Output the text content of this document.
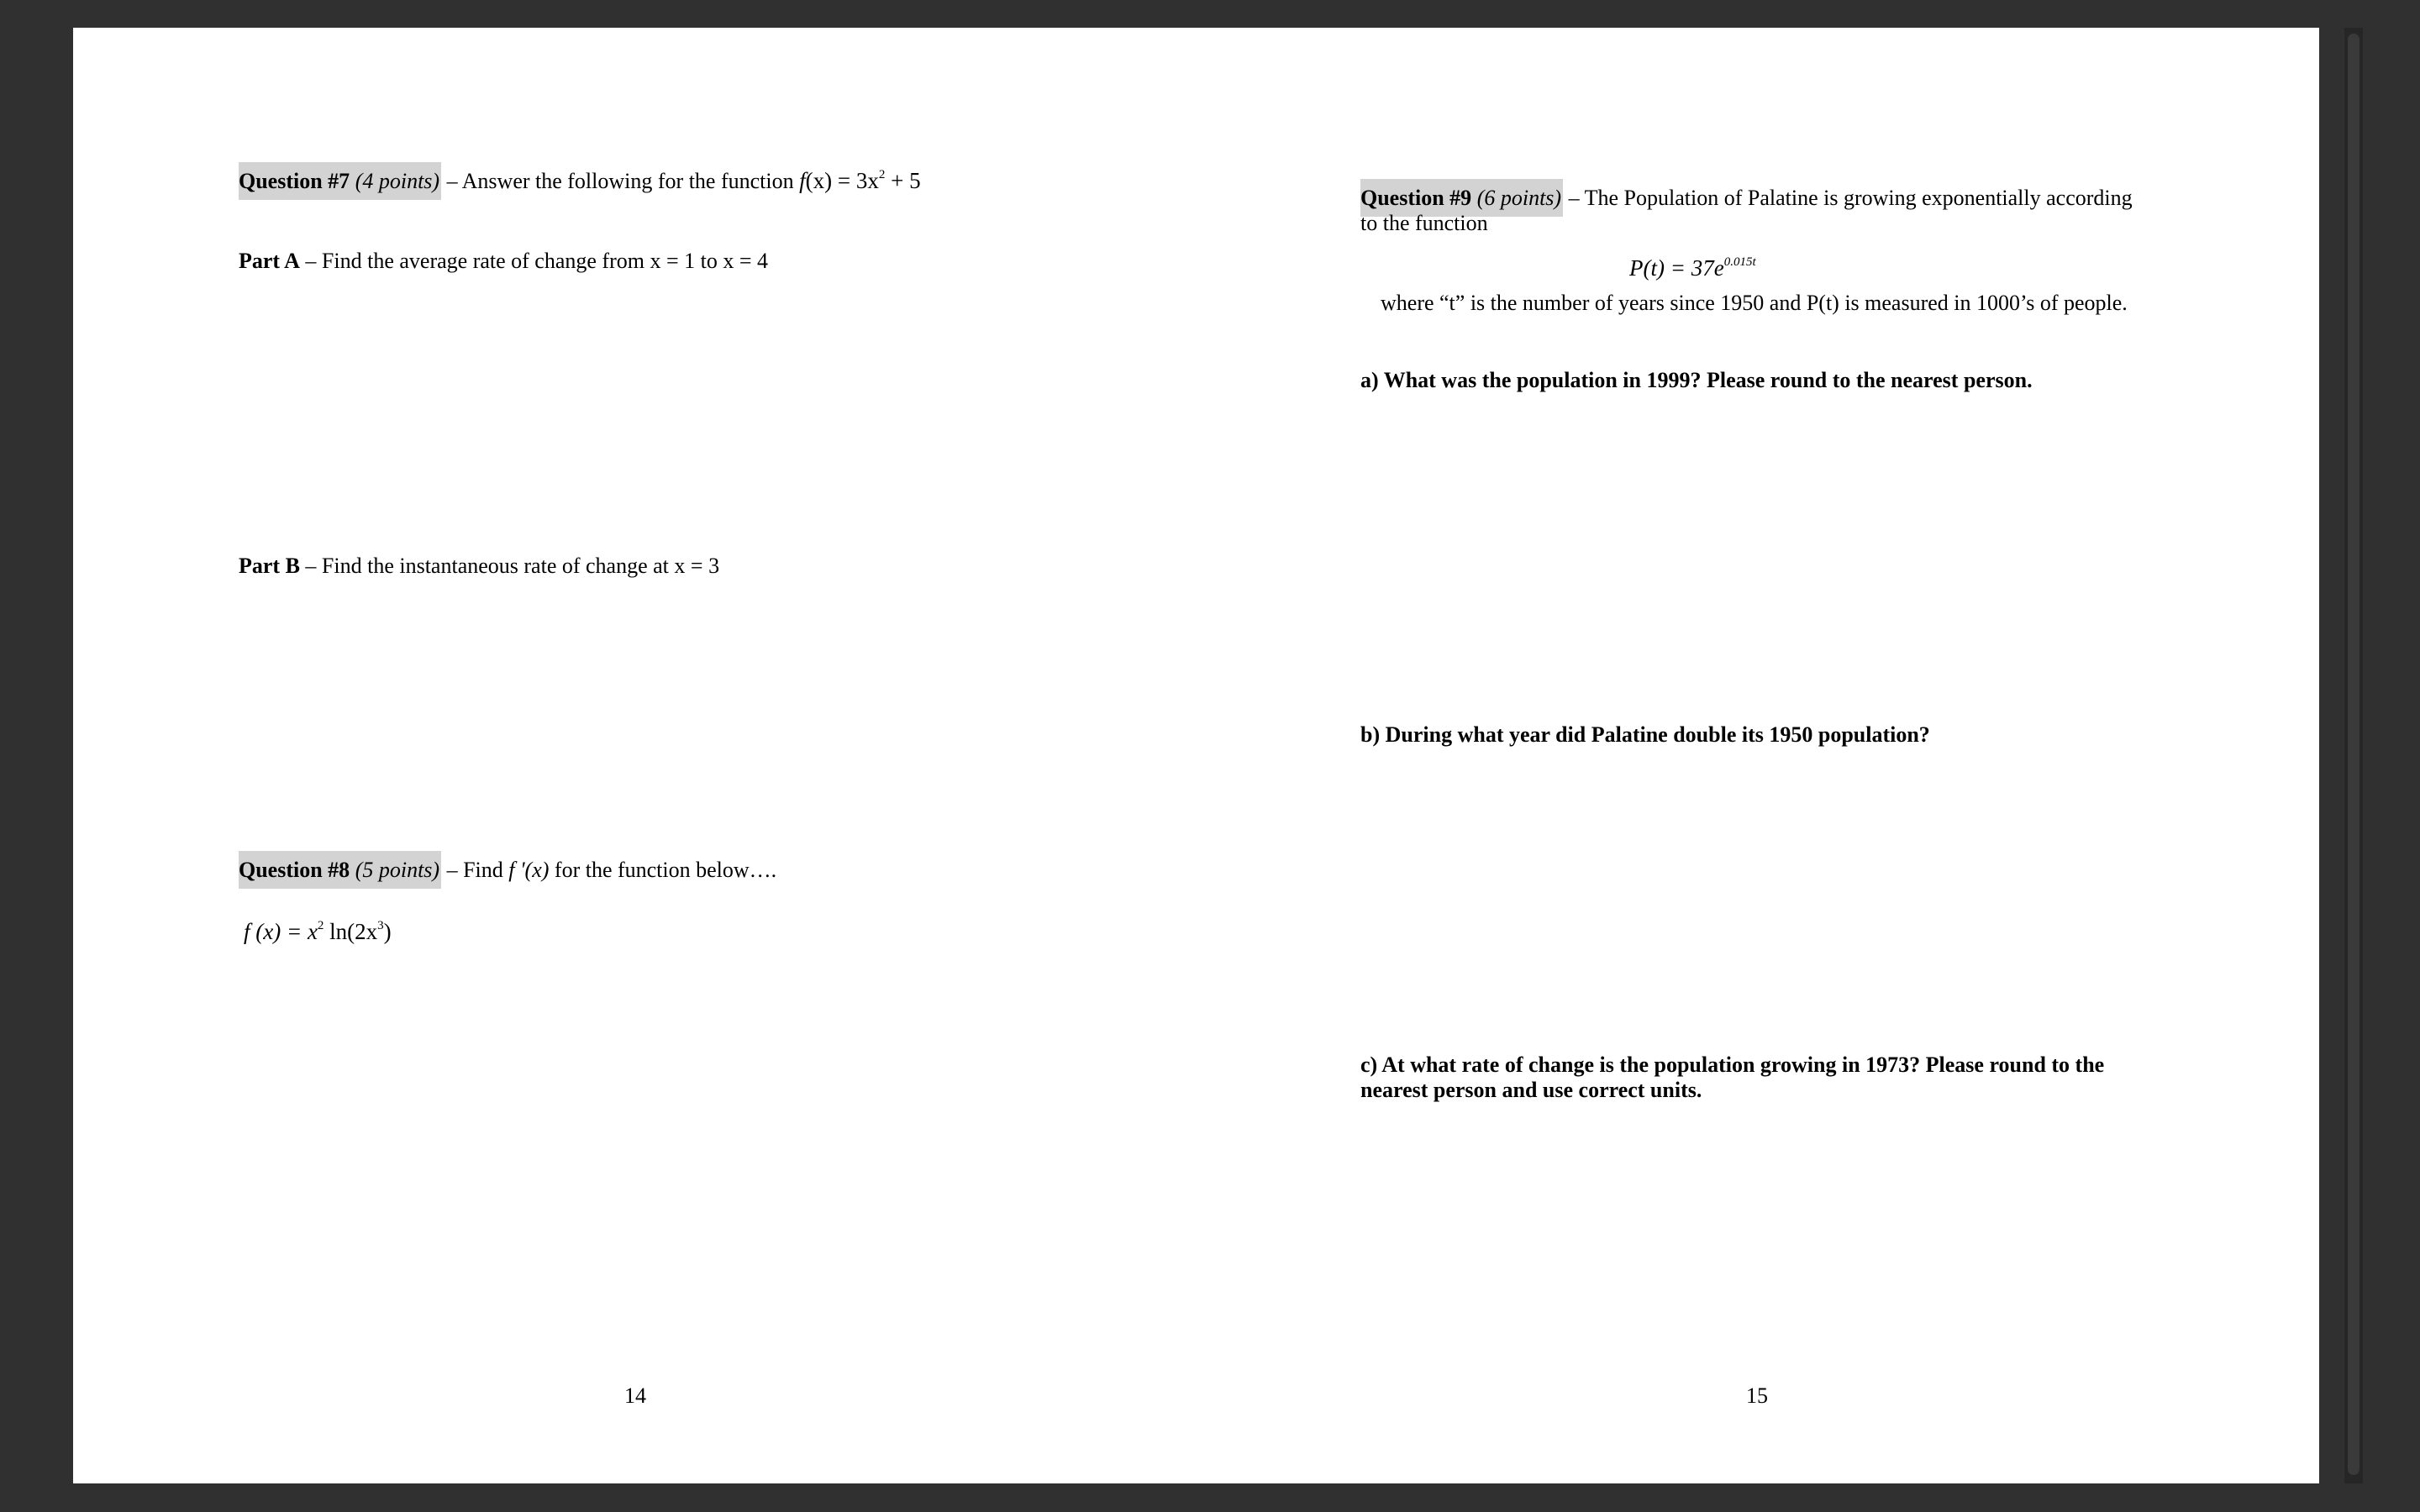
Question #7 (4 points) – Answer the following for the function $f(x) = 3x^2 + 5$
Part A – Find the average rate of change from x = 1 to x = 4
Part B – Find the instantaneous rate of change at x = 3
Question #8 (5 points) – Find f '(x) for the function below….
f $(x) = x^2$ $\ln(2x^3)$
14
Question #9 (6 points) – The Population of Palatine is growing exponentially according
to the function
$P(t) = 37e^{0.015t}$
where “t” is the number of years since 1950 and P(t) is measured in 1000’s of people.
a) What was the population in 1999? Please round to the nearest person.
b) During what year did Palatine double its 1950 population?
c) At what rate of change is the population growing in 1973? Please round to the
nearest person and use correct units.
15
